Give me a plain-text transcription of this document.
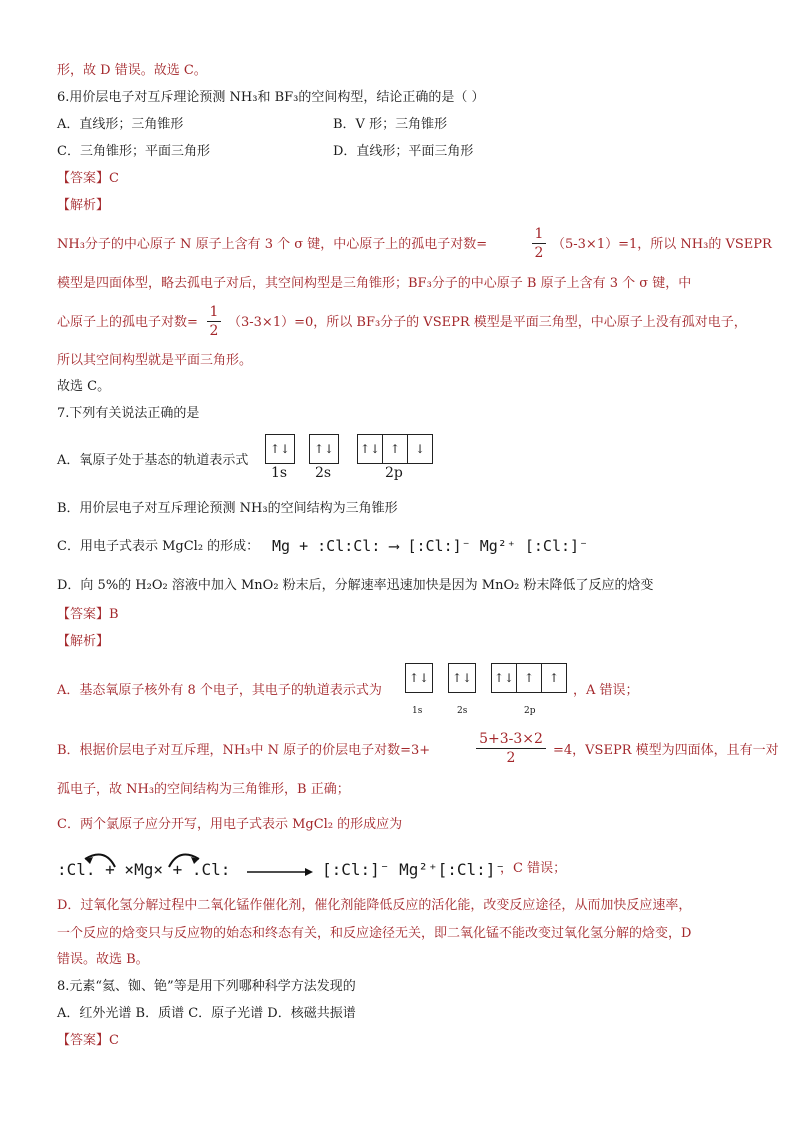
形，故 D 错误。故选 C。
6.用价层电子对互斥理论预测 NH₃和 BF₃的空间构型，结论正确的是（ ）
A．直线形；三角锥形	B．V 形；三角锥形
C．三角锥形；平面三角形	D．直线形；平面三角形
【答案】C
【解析】
NH₃分子的中心原子 N 原子上含有 3 个 σ 键，中心原子上的孤电子对数=
1
2
（5-3×1）=1，所以 NH₃的 VSEPR
模型是四面体型，略去孤电子对后，其空间构型是三角锥形；BF₃分子的中心原子 B 原子上含有 3 个 σ 键，中
心原子上的孤电子对数=
1
2
（3-3×1）=0，所以 BF₃分子的 VSEPR 模型是平面三角型，中心原子上没有孤对电子，
所以其空间构型就是平面三角形。
故选 C。
7.下列有关说法正确的是
A．氧原子处于基态的轨道表示式
↑↓	↑↓	↑↓ ↑	↓
1s 2s	2p
B．用价层电子对互斥理论预测 NH₃的空间结构为三角锥形
C．用电子式表示 MgCl₂ 的形成： Mg + :Cl:Cl: ⟶ [:Cl:]⁻ Mg²⁺ [:Cl:]⁻
D．向 5%的 H₂O₂ 溶液中加入 MnO₂ 粉末后，分解速率迅速加快是因为 MnO₂ 粉末降低了反应的焓变
【答案】B
【解析】
A．基态氧原子核外有 8 个电子，其电子的轨道表示式为
↑↓	↑↓	↑↓ ↑	↑
1s	2s	2p
，A 错误；
B．根据价层电子对互斥理，NH₃中 N 原子的价层电子对数=3+
5+3-3×2
2	=4，VSEPR 模型为四面体，且有一对
孤电子，故 NH₃的空间结构为三角锥形，B 正确；
C．两个氯原子应分开写，用电子式表示 MgCl₂ 的形成应为
:Cl. + ×Mg× + .Cl:	[:Cl:]⁻ Mg²⁺[:Cl:]⁻
，C 错误；
D．过氧化氢分解过程中二氧化锰作催化剂，催化剂能降低反应的活化能，改变反应途径，从而加快反应速率，
一个反应的焓变只与反应物的始态和终态有关，和反应途径无关，即二氧化锰不能改变过氧化氢分解的焓变，D
错误。故选 B。
8.元素“氦、铷、铯”等是用下列哪种科学方法发现的
A．红外光谱 B．质谱 C．原子光谱 D．核磁共振谱
【答案】C
